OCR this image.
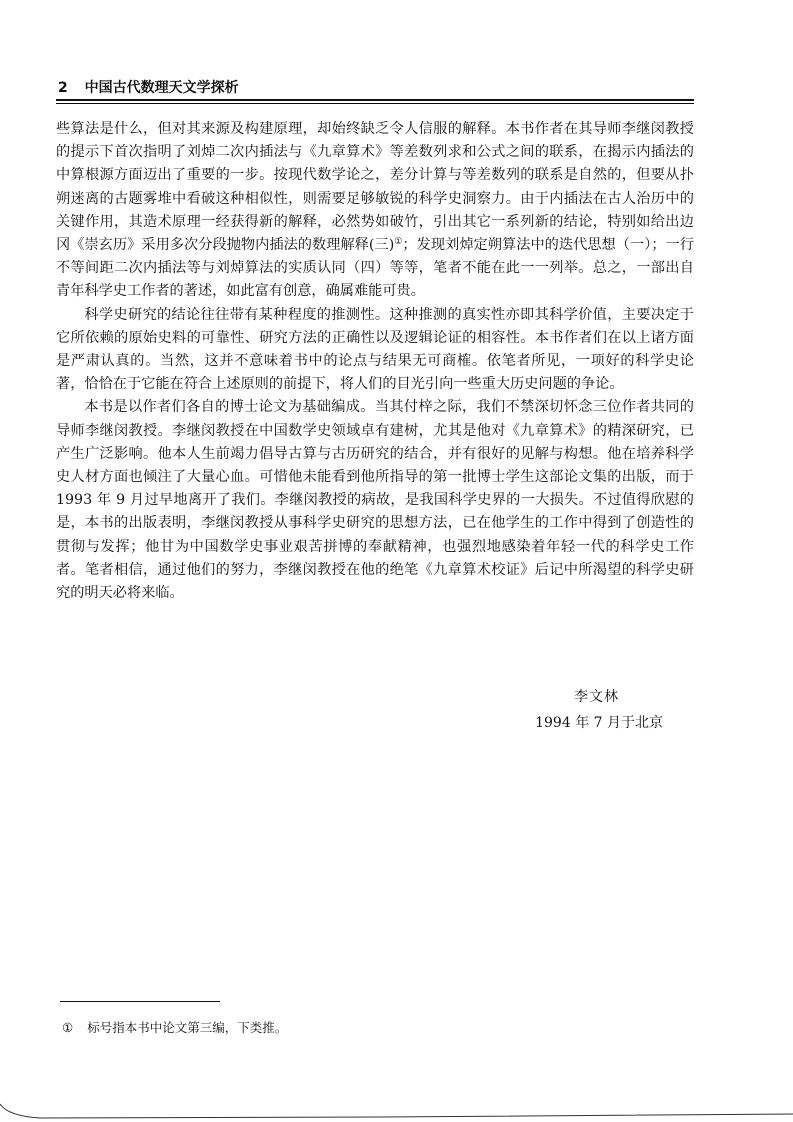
2 中国古代数理天文学探析

些算法是什么，但对其来源及构建原理，却始终缺乏令人信服的解释。本书作者在其导师李继闵教授的提示下首次指明了刘焯二次内插法与《九章算术》等差数列求和公式之间的联系，在揭示内插法的中算根源方面迈出了重要的一步。按现代数学论之，差分计算与等差数列的联系是自然的，但要从扑朔迷离的古题雾堆中看破这种相似性，则需要足够敏锐的科学史洞察力。由于内插法在古人治历中的关键作用，其造术原理一经获得新的解释，必然势如破竹，引出其它一系列新的结论，特别如给出边冈《崇玄历》采用多次分段抛物内插法的数理解释(三)①；发现刘焯定朔算法中的迭代思想（一）；一行不等间距二次内插法等与刘焯算法的实质认同（四）等等，笔者不能在此一一列举。总之，一部出自青年科学史工作者的著述，如此富有创意，确属难能可贵。

科学史研究的结论往往带有某种程度的推测性。这种推测的真实性亦即其科学价值，主要决定于它所依赖的原始史料的可靠性、研究方法的正确性以及逻辑论证的相容性。本书作者们在以上诸方面是严肃认真的。当然，这并不意味着书中的论点与结果无可商榷。依笔者所见，一项好的科学史论著，恰恰在于它能在符合上述原则的前提下，将人们的目光引向一些重大历史问题的争论。

本书是以作者们各自的博士论文为基础编成。当其付梓之际，我们不禁深切怀念三位作者共同的导师李继闵教授。李继闵教授在中国数学史领域卓有建树，尤其是他对《九章算术》的精深研究，已产生广泛影响。他本人生前竭力倡导古算与古历研究的结合，并有很好的见解与构想。他在培养科学史人材方面也倾注了大量心血。可惜他未能看到他所指导的第一批博士学生这部论文集的出版，而于 1993 年 9 月过早地离开了我们。李继闵教授的病故，是我国科学史界的一大损失。不过值得欣慰的是，本书的出版表明，李继闵教授从事科学史研究的思想方法，已在他学生的工作中得到了创造性的贯彻与发挥；他甘为中国数学史事业艰苦拼博的奉献精神，也强烈地感染着年轻一代的科学史工作者。笔者相信，通过他们的努力，李继闵教授在他的绝笔《九章算术校证》后记中所渴望的科学史研究的明天必将来临。

李文林
1994 年 7 月于北京
① 标号指本书中论文第三编，下类推。
